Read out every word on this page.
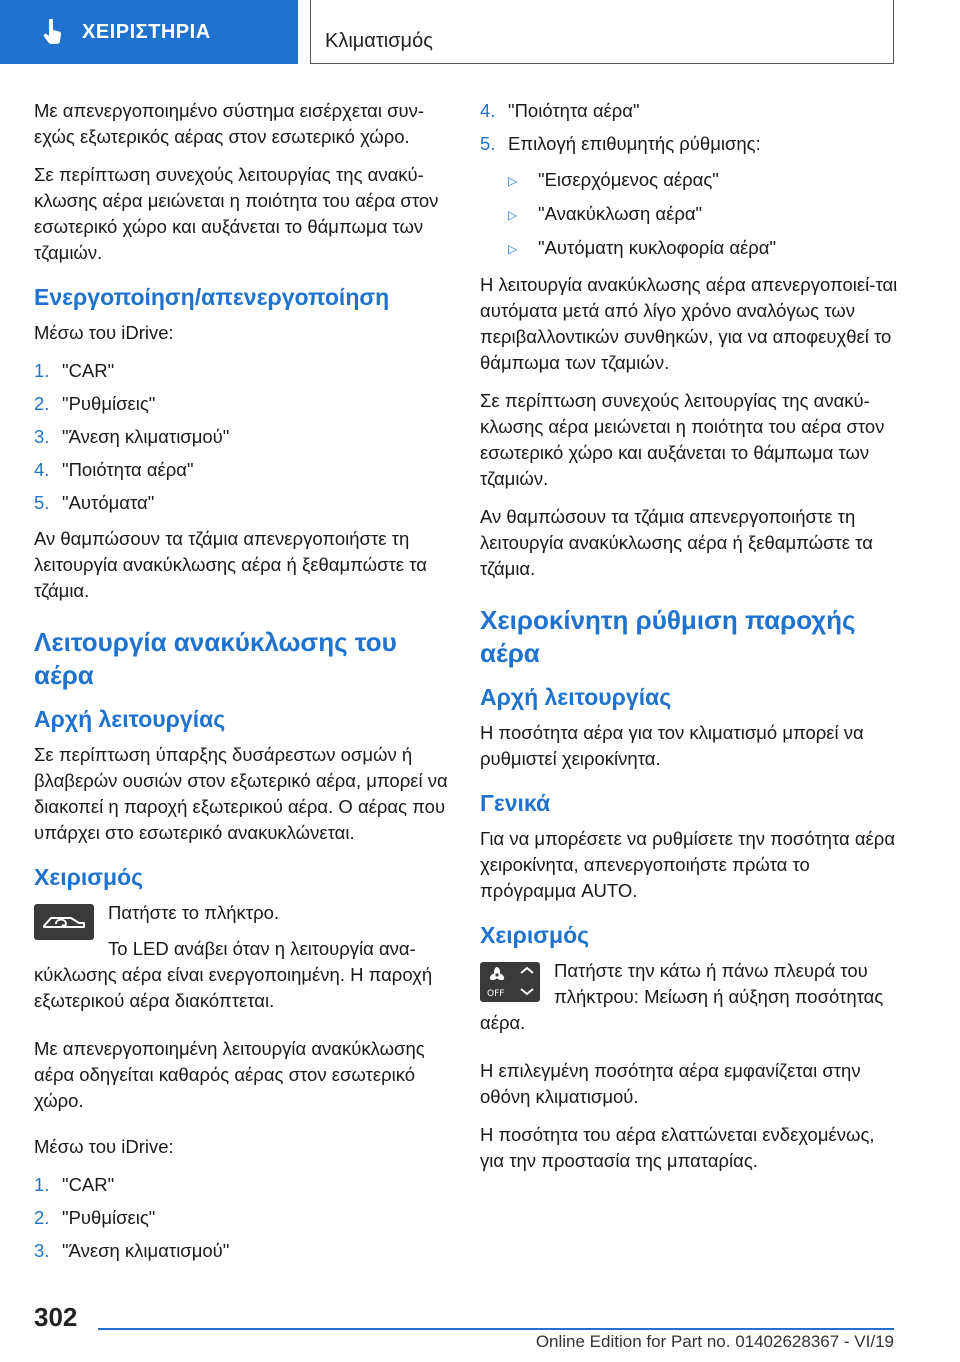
ΧΕΙΡΙΣΤΗΡΙΑ	Κλιματισμός

Με απενεργοποιημένο σύστημα εισέρχεται συν-εχώς εξωτερικός αέρας στον εσωτερικό χώρο.

Σε περίπτωση συνεχούς λειτουργίας της ανακύ-κλωσης αέρα μειώνεται η ποιότητα του αέρα στον εσωτερικό χώρο και αυξάνεται το θάμπωμα των τζαμιών.

Ενεργοποίηση/απενεργοποίηση

Μέσω του iDrive:

1. "CAR"
2. "Ρυθμίσεις"
3. "Άνεση κλιματισμού"
4. "Ποιότητα αέρα"
5. "Αυτόματα"

Αν θαμπώσουν τα τζάμια απενεργοποιήστε τη λειτουργία ανακύκλωσης αέρα ή ξεθαμπώστε τα τζάμια.

Λειτουργία ανακύκλωσης του αέρα
Αρχή λειτουργίας

Σε περίπτωση ύπαρξης δυσάρεστων οσμών ή βλαβερών ουσιών στον εξωτερικό αέρα, μπορεί να διακοπεί η παροχή εξωτερικού αέρα. Ο αέρας που υπάρχει στο εσωτερικό ανακυκλώνεται.

Χειρισμός

Πατήστε το πλήκτρο.

Το LED ανάβει όταν η λειτουργία ανα-κύκλωσης αέρα είναι ενεργοποιημένη. Η παροχή εξωτερικού αέρα διακόπτεται.

Με απενεργοποιημένη λειτουργία ανακύκλωσης αέρα οδηγείται καθαρός αέρας στον εσωτερικό χώρο.

Μέσω του iDrive:

1. "CAR"
2. "Ρυθμίσεις"
3. "Άνεση κλιματισμού"
4. "Ποιότητα αέρα"
5. Επιλογή επιθυμητής ρύθμισης:
▷	"Εισερχόμενος αέρας"
▷	"Ανακύκλωση αέρα"
▷	"Αυτόματη κυκλοφορία αέρα"

Η λειτουργία ανακύκλωσης αέρα απενεργοποιεί-ται αυτόματα μετά από λίγο χρόνο αναλόγως των περιβαλλοντικών συνθηκών, για να αποφευχθεί το θάμπωμα των τζαμιών.

Σε περίπτωση συνεχούς λειτουργίας της ανακύ-κλωσης αέρα μειώνεται η ποιότητα του αέρα στον εσωτερικό χώρο και αυξάνεται το θάμπωμα των τζαμιών.

Αν θαμπώσουν τα τζάμια απενεργοποιήστε τη λειτουργία ανακύκλωσης αέρα ή ξεθαμπώστε τα τζάμια.

Χειροκίνητη ρύθμιση παροχής αέρα
Αρχή λειτουργίας

Η ποσότητα αέρα για τον κλιματισμό μπορεί να ρυθμιστεί χειροκίνητα.

Γενικά

Για να μπορέσετε να ρυθμίσετε την ποσότητα αέρα χειροκίνητα, απενεργοποιήστε πρώτα το πρόγραμμα AUTO.

Χειρισμός
OFF

Πατήστε την κάτω ή πάνω πλευρά του πλήκτρου: Μείωση ή αύξηση ποσότητας αέρα.

Η επιλεγμένη ποσότητα αέρα εμφανίζεται στην οθόνη κλιματισμού.

Η ποσότητα του αέρα ελαττώνεται ενδεχομένως, για την προστασία της μπαταρίας.

302
Online Edition for Part no. 01402628367 - VI/19
